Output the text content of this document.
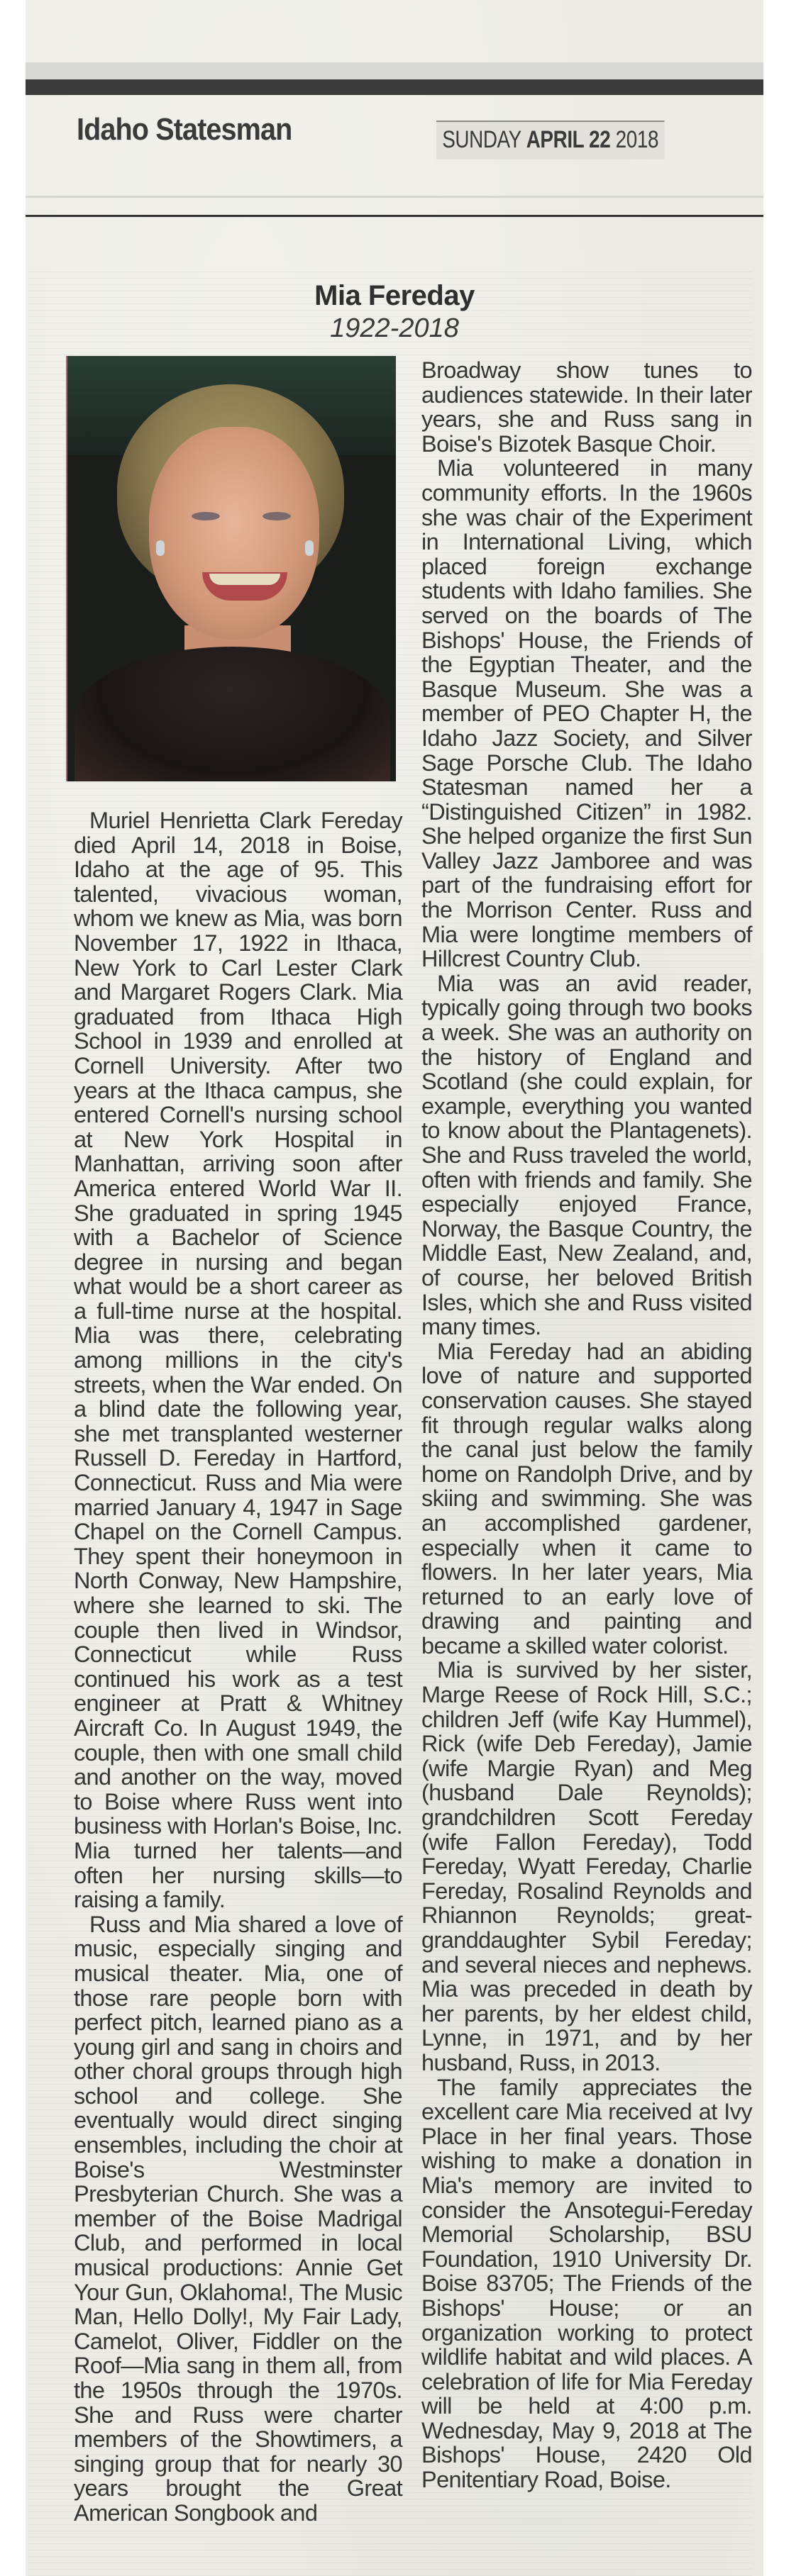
Idaho Statesman	SUNDAY APRIL 22 2018
Mia Fereday
1922-2018

Muriel Henrietta Clark Fereday died April 14, 2018 in Boise, Idaho at the age of 95. This talented, vivacious woman, whom we knew as Mia, was born November 17, 1922 in Ithaca, New York to Carl Lester Clark and Margaret Rogers Clark. Mia graduated from Ithaca High School in 1939 and enrolled at Cornell University. After two years at the Ithaca campus, she entered Cornell's nursing school at New York Hospital in Manhattan, arriving soon after America entered World War II. She graduated in spring 1945 with a Bachelor of Science degree in nursing and began what would be a short career as a full-time nurse at the hospital. Mia was there, celebrating among millions in the city's streets, when the War ended. On a blind date the following year, she met transplanted westerner Russell D. Fereday in Hartford, Connecticut. Russ and Mia were married January 4, 1947 in Sage Chapel on the Cornell Campus. They spent their honeymoon in North Conway, New Hampshire, where she learned to ski. The couple then lived in Windsor, Connecticut while Russ continued his work as a test engineer at Pratt & Whitney Aircraft Co. In August 1949, the couple, then with one small child and another on the way, moved to Boise where Russ went into business with Horlan's Boise, Inc. Mia turned her talents—and often her nursing skills—to raising a family.

Russ and Mia shared a love of music, especially singing and musical theater. Mia, one of those rare people born with perfect pitch, learned piano as a young girl and sang in choirs and other choral groups through high school and college. She eventually would direct singing ensembles, including the choir at Boise's Westminster Presbyterian Church. She was a member of the Boise Madrigal Club, and performed in local musical productions: Annie Get Your Gun, Oklahoma!, The Music Man, Hello Dolly!, My Fair Lady, Camelot, Oliver, Fiddler on the Roof—Mia sang in them all, from the 1950s through the 1970s. She and Russ were charter members of the Showtimers, a singing group that for nearly 30 years brought the Great American Songbook and

Broadway show tunes to audiences statewide. In their later years, she and Russ sang in Boise's Bizotek Basque Choir.

Mia volunteered in many community efforts. In the 1960s she was chair of the Experiment in International Living, which placed foreign exchange students with Idaho families. She served on the boards of The Bishops' House, the Friends of the Egyptian Theater, and the Basque Museum. She was a member of PEO Chapter H, the Idaho Jazz Society, and Silver Sage Porsche Club. The Idaho Statesman named her a “Distinguished Citizen” in 1982. She helped organize the first Sun Valley Jazz Jamboree and was part of the fundraising effort for the Morrison Center. Russ and Mia were longtime members of Hillcrest Country Club.

Mia was an avid reader, typically going through two books a week. She was an authority on the history of England and Scotland (she could explain, for example, everything you wanted to know about the Plantagenets). She and Russ traveled the world, often with friends and family. She especially enjoyed France, Norway, the Basque Country, the Middle East, New Zealand, and, of course, her beloved British Isles, which she and Russ visited many times.

Mia Fereday had an abiding love of nature and supported conservation causes. She stayed fit through regular walks along the canal just below the family home on Randolph Drive, and by skiing and swimming. She was an accomplished gardener, especially when it came to flowers. In her later years, Mia returned to an early love of drawing and painting and became a skilled water colorist.

Mia is survived by her sister, Marge Reese of Rock Hill, S.C.; children Jeff (wife Kay Hummel), Rick (wife Deb Fereday), Jamie (wife Margie Ryan) and Meg (husband Dale Reynolds); grandchildren Scott Fereday (wife Fallon Fereday), Todd Fereday, Wyatt Fereday, Charlie Fereday, Rosalind Reynolds and Rhiannon Reynolds; great-granddaughter Sybil Fereday; and several nieces and nephews. Mia was preceded in death by her parents, by her eldest child, Lynne, in 1971, and by her husband, Russ, in 2013.

The family appreciates the excellent care Mia received at Ivy Place in her final years. Those wishing to make a donation in Mia's memory are invited to consider the Ansotegui-Fereday Memorial Scholarship, BSU Foundation, 1910 University Dr. Boise 83705; The Friends of the Bishops' House; or an organization working to protect wildlife habitat and wild places. A celebration of life for Mia Fereday will be held at 4:00 p.m. Wednesday, May 9, 2018 at The Bishops' House, 2420 Old Penitentiary Road, Boise.
